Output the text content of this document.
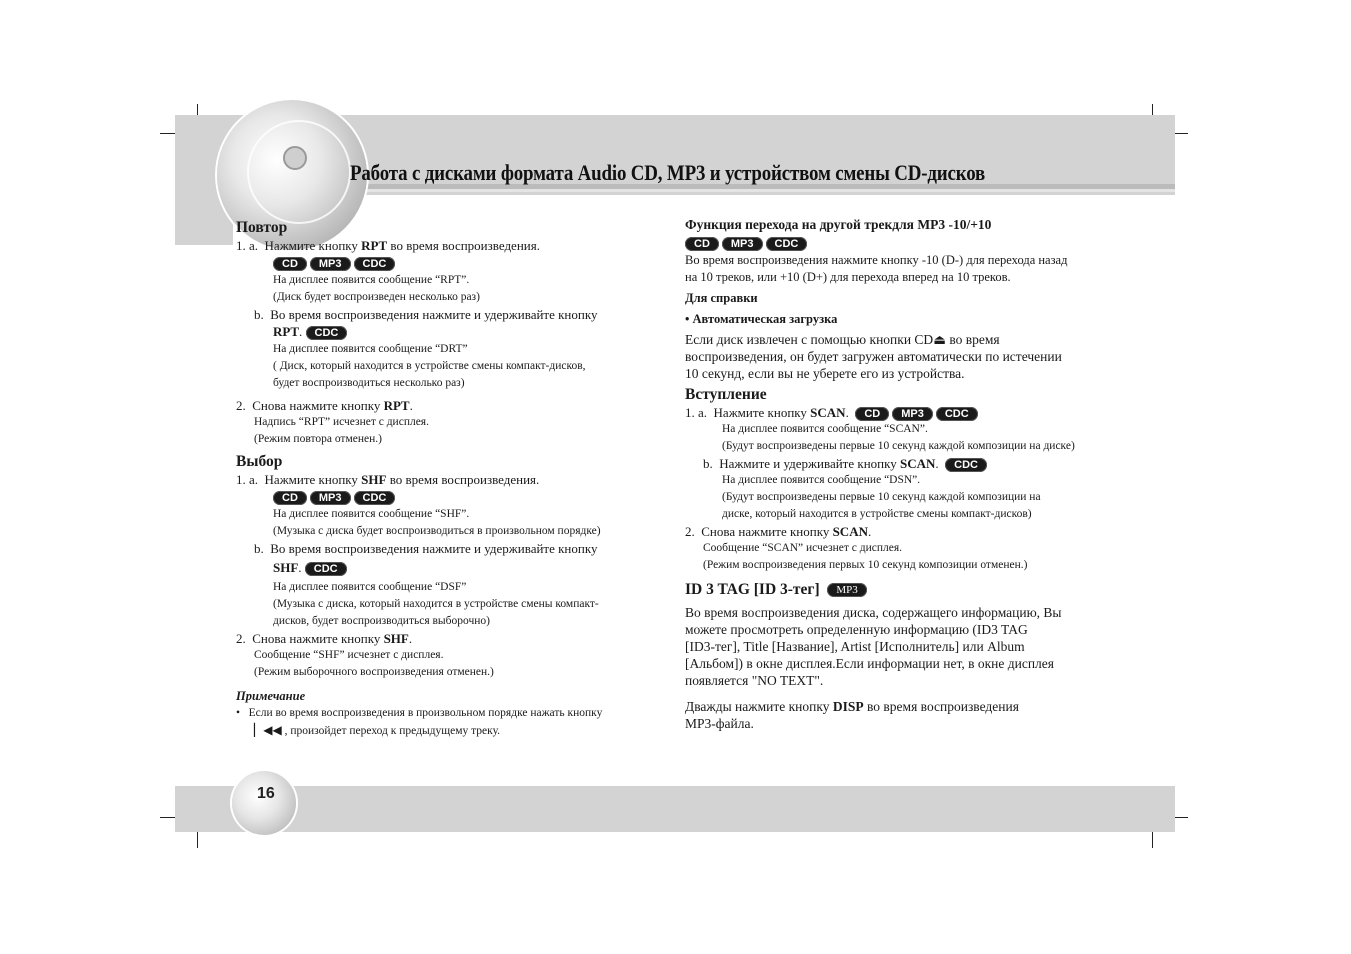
Работа с дисками формата Audio CD, MP3 и устройством смены CD-дисков

Повтор

1. a. Нажмите кнопку RPT во время воспроизведения.

CD MP3 CDC

На дисплее появится сообщение “RPT”.

(Диск будет воспроизведен несколько раз)

b. Во время воспроизведения нажмите и удерживайте кнопку

RPT. CDC

На дисплее появится сообщение “DRT”

( Диск, который находится в устройстве смены компакт-дисков,

будет воспроизводиться несколько раз)

2. Снова нажмите кнопку RPT.

Надпись “RPT” исчезнет с дисплея.

(Режим повтора отменен.)

Выбор

1. a. Нажмите кнопку SHF во время воспроизведения.

CD MP3 CDC

На дисплее появится сообщение “SHF”.

(Музыка с диска будет воспроизводиться в произвольном порядке)

b. Во время воспроизведения нажмите и удерживайте кнопку

SHF. CDC

На дисплее появится сообщение “DSF”

(Музыка с диска, который находится в устройстве смены компакт-

дисков, будет воспроизводиться выборочно)

2. Снова нажмите кнопку SHF.

Сообщение “SHF” исчезнет с дисплея.

(Режим выборочного воспроизведения отменен.)

Примечание

• Если во время воспроизведения в произвольном порядке нажать кнопку

▏◀◀ , произойдет переход к предыдущему треку.

Функция перехода на другой трекдля MP3 -10/+10

CD MP3 CDC

Во время воспроизведения нажмите кнопку -10 (D-) для перехода назад

на 10 треков, или +10 (D+) для перехода вперед на 10 треков.

Для справки

• Автоматическая загрузка

Если диск извлечен с помощью кнопки CD⏏ во время

воспроизведения, он будет загружен автоматически по истечении

10 секунд, если вы не уберете его из устройства.

Вступление

1. a. Нажмите кнопку SCAN.  CD MP3 CDC

На дисплее появится сообщение “SCAN”.

(Будут воспроизведены первые 10 секунд каждой композиции на диске)

b. Нажмите и удерживайте кнопку SCAN.  CDC

На дисплее появится сообщение “DSN”.

(Будут воспроизведены первые 10 секунд каждой композиции на

диске, который находится в устройстве смены компакт-дисков)

2. Снова нажмите кнопку SCAN.

Сообщение “SCAN” исчезнет с дисплея.

(Режим воспроизведения первых 10 секунд композиции отменен.)

ID 3 TAG [ID 3-тег] MP3

Во время воспроизведения диска, содержащего информацию, Вы

можете просмотреть определенную информацию (ID3 TAG

[ID3-тег], Title [Название], Artist [Исполнитель] или Album

[Альбом]) в окне дисплея.Если информации нет, в окне дисплея

появляется "NO TEXT".

Дважды нажмите кнопку DISP во время воспроизведения

MP3-файла.

16
